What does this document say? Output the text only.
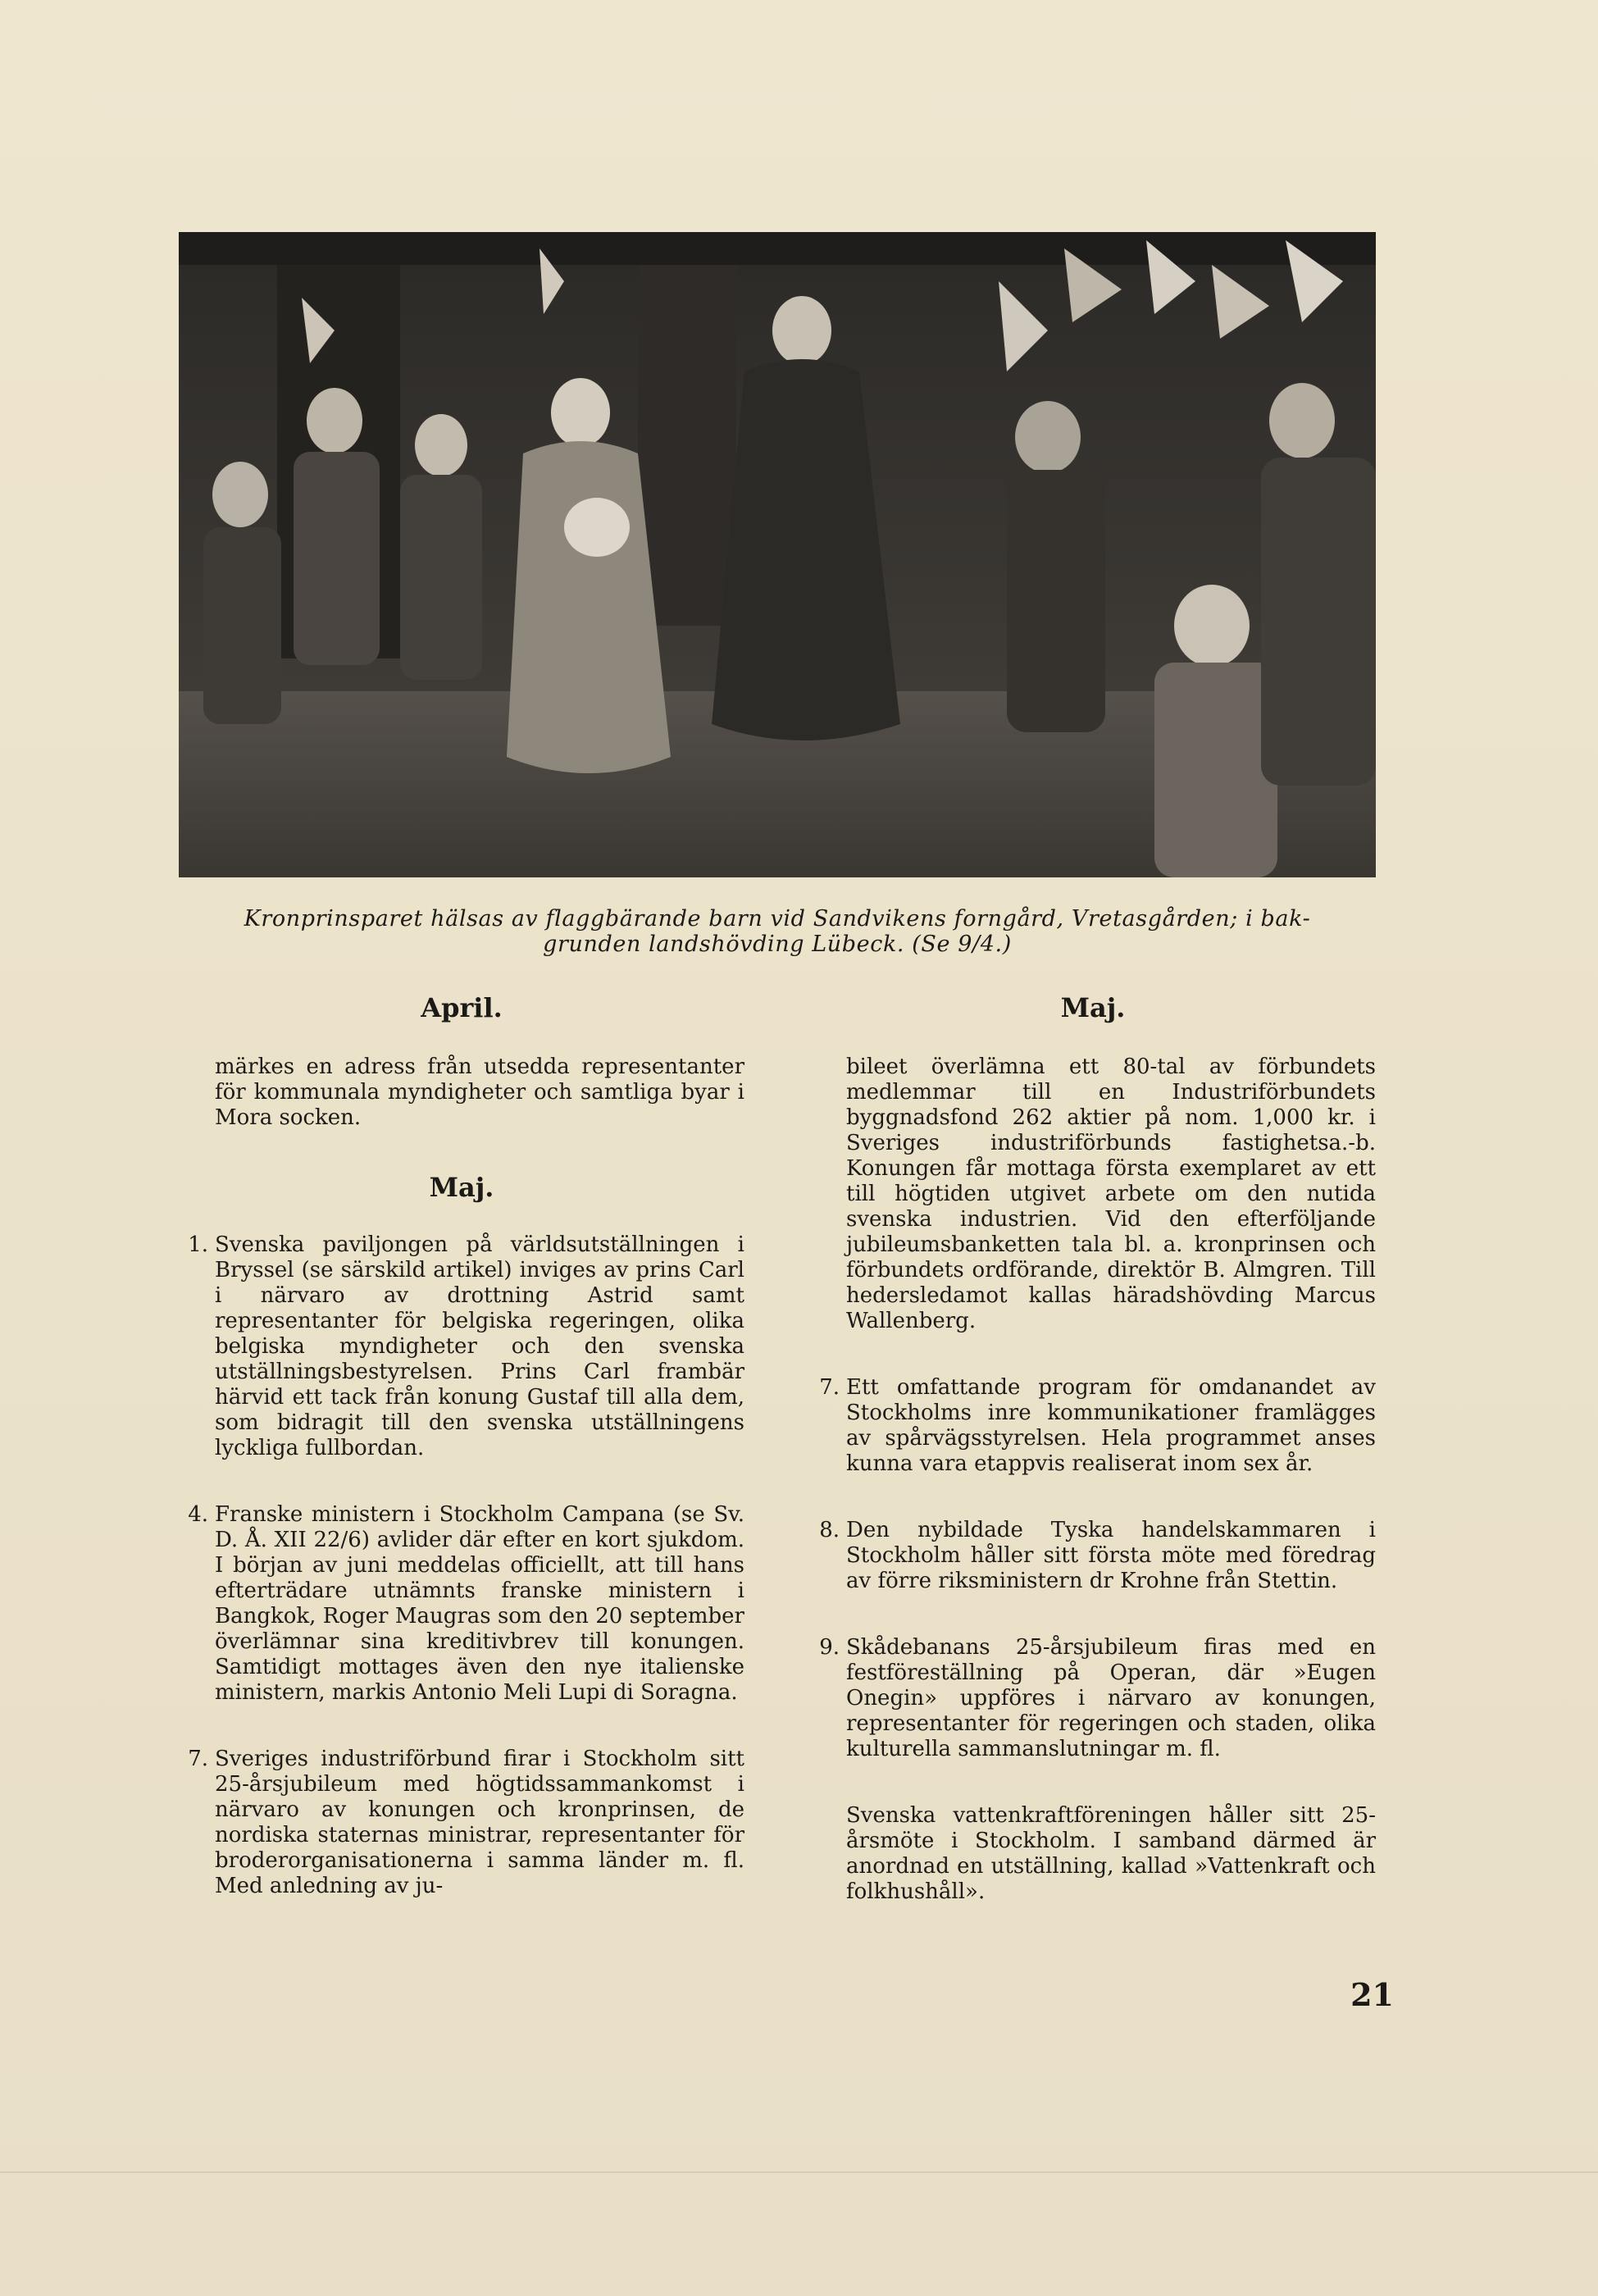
Kronprinsparet hälsas av flaggbärande barn vid Sandvikens forngård, Vretasgården; i bak-
grunden landshövding Lübeck. (Se 9/4.)
April.

märkes en adress från utsedda representanter för kommunala myndigheter och samtliga byar i Mora socken.

Maj.
1. Svenska paviljongen på världsutställningen i Bryssel (se särskild artikel) inviges av prins Carl i närvaro av drottning Astrid samt representanter för belgiska regeringen, olika belgiska myndigheter och den svenska utställningsbestyrelsen. Prins Carl frambär härvid ett tack från konung Gustaf till alla dem, som bidragit till den svenska utställningens lyckliga fullbordan.

4. Franske ministern i Stockholm Campana (se Sv. D. Å. XII 22/6) avlider där efter en kort sjukdom. I början av juni meddelas officiellt, att till hans efterträdare utnämnts franske ministern i Bangkok, Roger Maugras som den 20 september överlämnar sina kreditivbrev till konungen. Samtidigt mottages även den nye italienske ministern, markis Antonio Meli Lupi di Soragna.

7. Sveriges industriförbund firar i Stockholm sitt 25-årsjubileum med högtidssammankomst i närvaro av konungen och kronprinsen, de nordiska staternas ministrar, representanter för broderorganisationerna i samma länder m. fl. Med anledning av ju-

Maj.

bileet överlämna ett 80-tal av förbundets medlemmar till en Industriförbundets byggnadsfond 262 aktier på nom. 1,000 kr. i Sveriges industriförbunds fastighetsa.-b. Konungen får mottaga första exemplaret av ett till högtiden utgivet arbete om den nutida svenska industrien. Vid den efterföljande jubileumsbanketten tala bl. a. kronprinsen och förbundets ordförande, direktör B. Almgren. Till hedersledamot kallas häradshövding Marcus Wallenberg.

7. Ett omfattande program för omdanandet av Stockholms inre kommunikationer framlägges av spårvägsstyrelsen. Hela programmet anses kunna vara etappvis realiserat inom sex år.

8. Den nybildade Tyska handelskammaren i Stockholm håller sitt första möte med föredrag av förre riksministern dr Krohne från Stettin.

9. Skådebanans 25-årsjubileum firas med en festföreställning på Operan, där »Eugen Onegin» uppföres i närvaro av konungen, representanter för regeringen och staden, olika kulturella sammanslutningar m. fl.

Svenska vattenkraftföreningen håller sitt 25-årsmöte i Stockholm. I samband därmed är anordnad en utställning, kallad »Vattenkraft och folkhushåll».

21
